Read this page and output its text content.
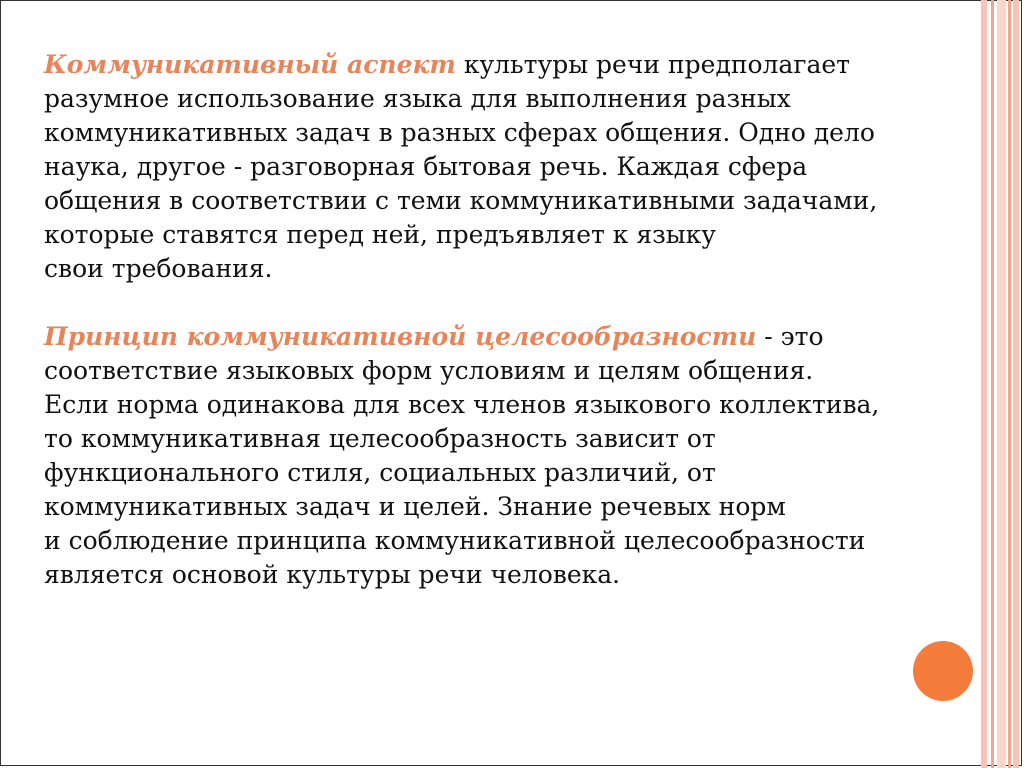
Коммуникативный аспект культуры речи предполагает
разумное использование языка для выполнения разных
коммуникативных задач в разных сферах общения. Одно дело
наука, другое - разговорная бытовая речь. Каждая сфера
общения в соответствии с теми коммуникативными задачами,
которые ставятся перед ней, предъявляет к языку
свои требования.

Принцип коммуникативной целесообразности - это
соответствие языковых форм условиям и целям общения.
Если норма одинакова для всех членов языкового коллектива,
то коммуникативная целесообразность зависит от
функционального стиля, социальных различий, от
коммуникативных задач и целей. Знание речевых норм
и соблюдение принципа коммуникативной целесообразности
является основой культуры речи человека.
